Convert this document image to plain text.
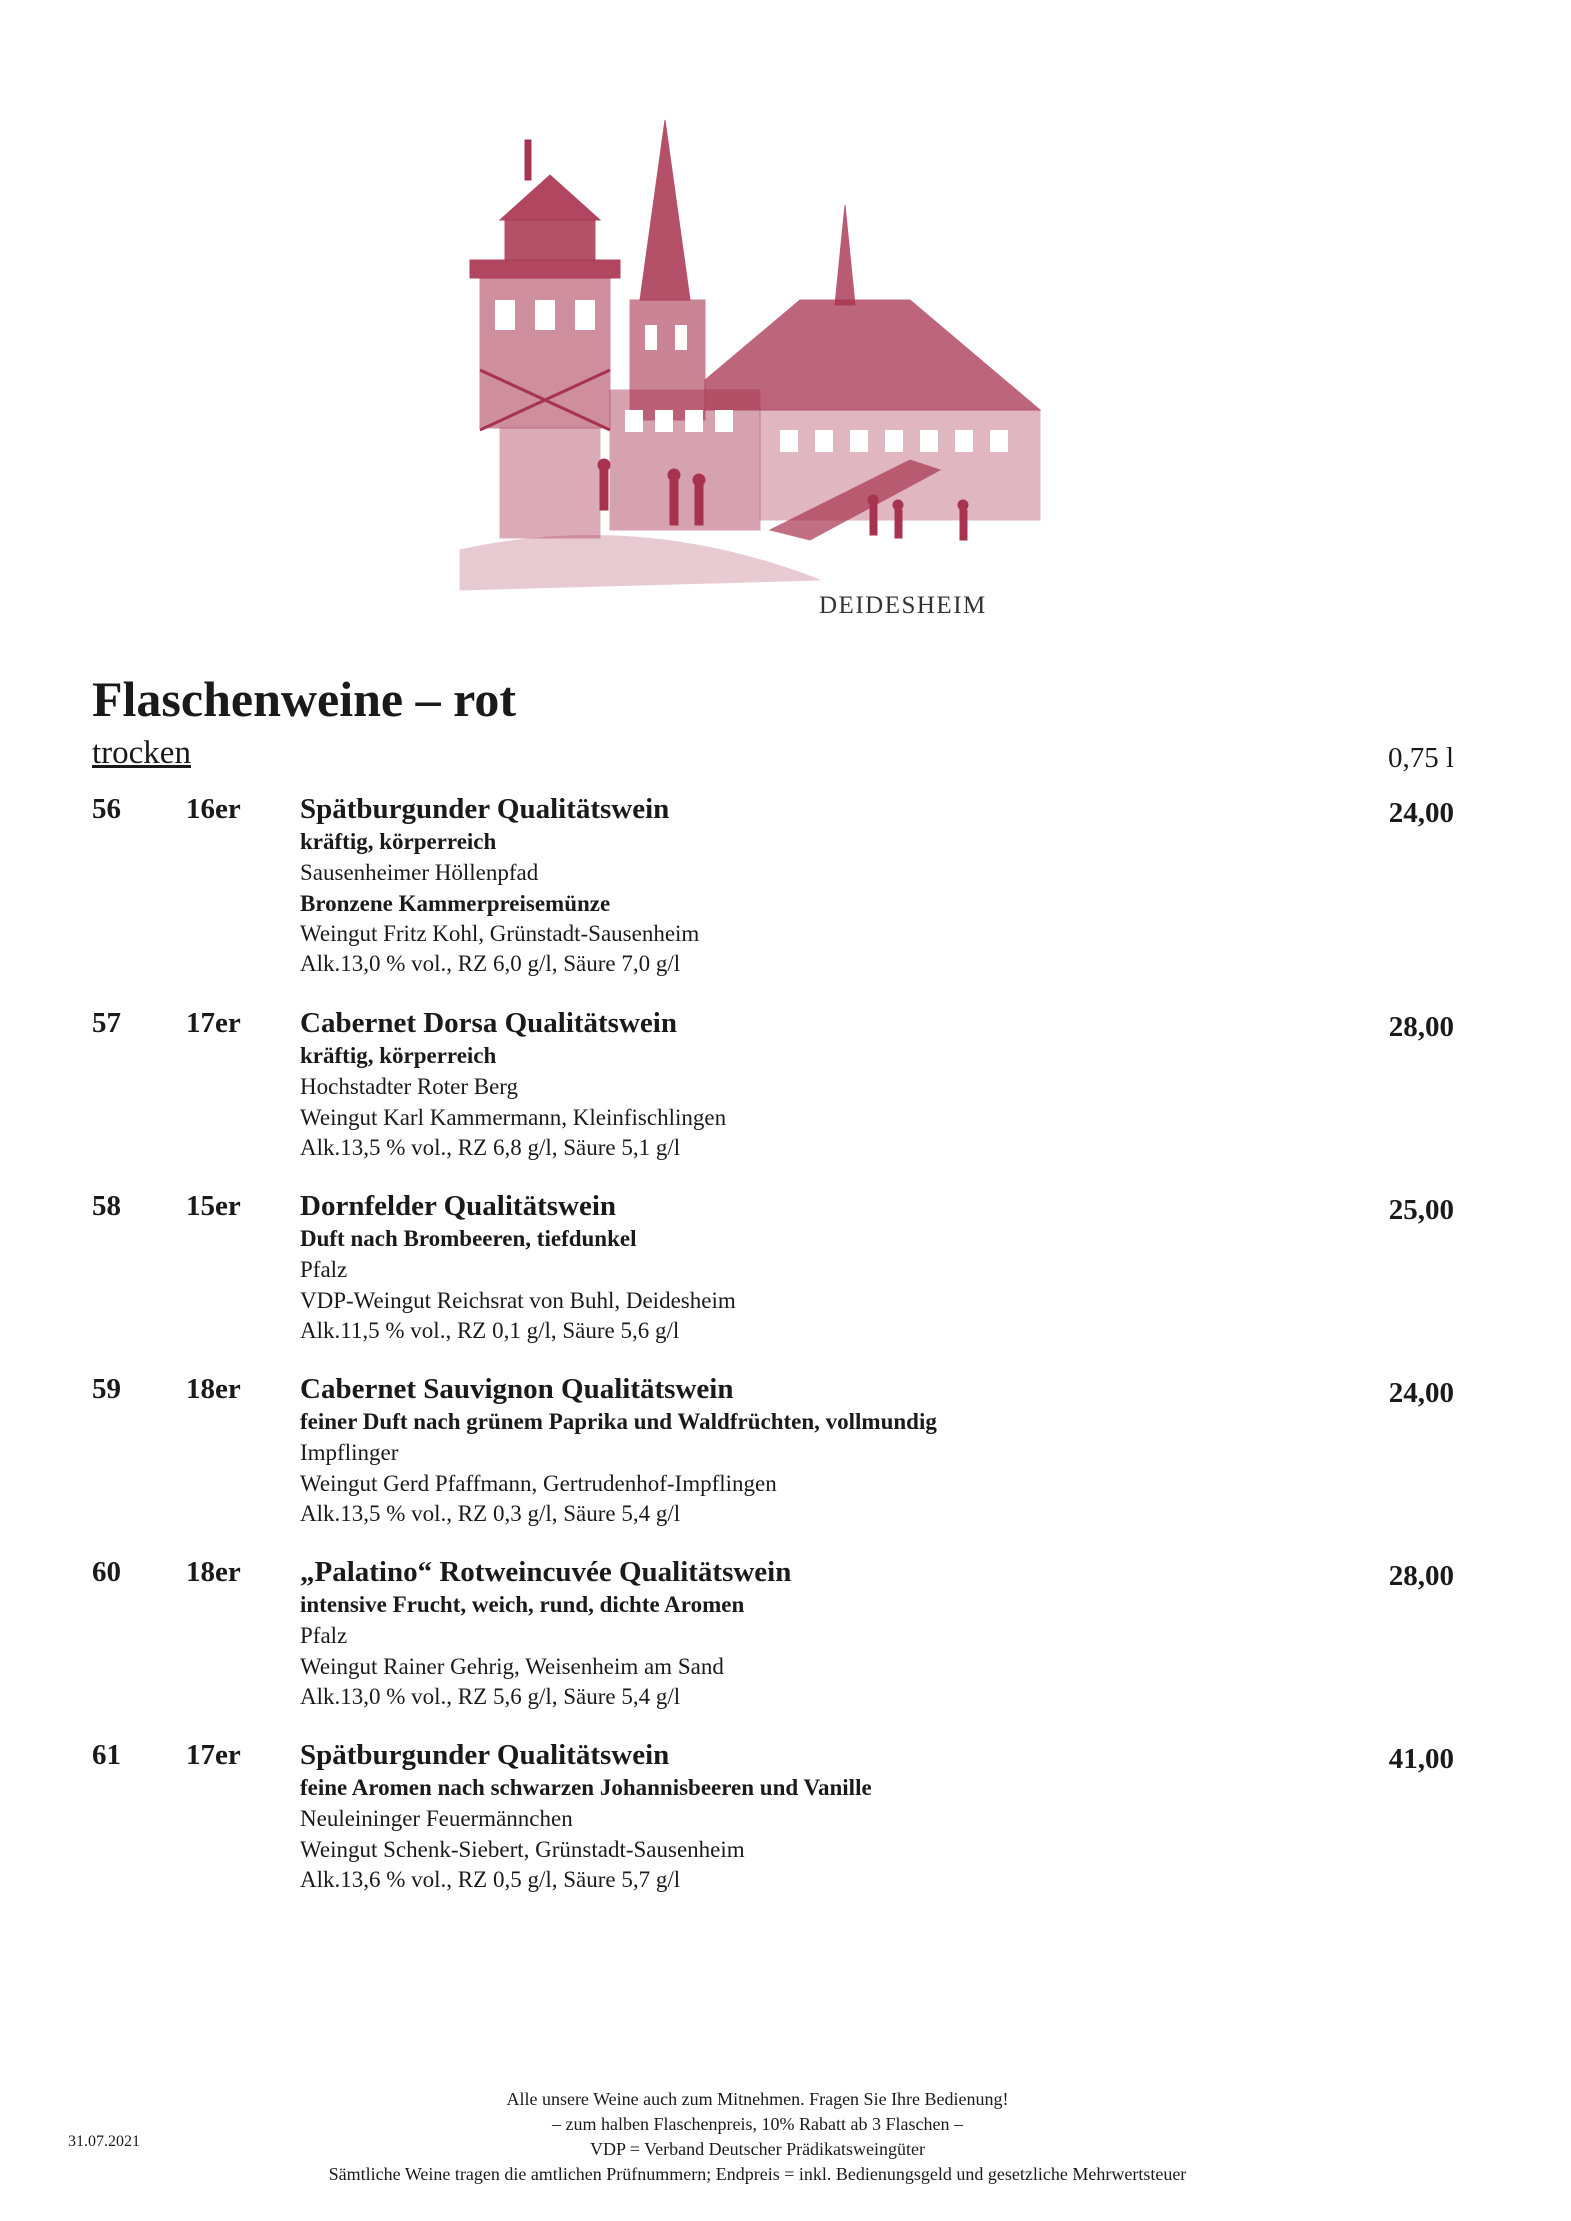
DEIDESHEIM
Flaschenweine – rot
trocken	0,75 l
56 16er Spätburgunder Qualitätswein	24,00
kräftig, körperreich
Sausenheimer Höllenpfad
Bronzene Kammerpreisemünze
Weingut Fritz Kohl, Grünstadt-Sausenheim
Alk.13,0 % vol., RZ 6,0 g/l, Säure 7,0 g/l
57 17er Cabernet Dorsa Qualitätswein	28,00
kräftig, körperreich
Hochstadter Roter Berg
Weingut Karl Kammermann, Kleinfischlingen
Alk.13,5 % vol., RZ 6,8 g/l, Säure 5,1 g/l
58 15er Dornfelder Qualitätswein	25,00
Duft nach Brombeeren, tiefdunkel
Pfalz
VDP-Weingut Reichsrat von Buhl, Deidesheim
Alk.11,5 % vol., RZ 0,1 g/l, Säure 5,6 g/l
59 18er Cabernet Sauvignon Qualitätswein	24,00
feiner Duft nach grünem Paprika und Waldfrüchten, vollmundig
Impflinger
Weingut Gerd Pfaffmann, Gertrudenhof-Impflingen
Alk.13,5 % vol., RZ 0,3 g/l, Säure 5,4 g/l
60 18er „Palatino“ Rotweincuvée Qualitätswein	28,00
intensive Frucht, weich, rund, dichte Aromen
Pfalz
Weingut Rainer Gehrig, Weisenheim am Sand
Alk.13,0 % vol., RZ 5,6 g/l, Säure 5,4 g/l
61 17er Spätburgunder Qualitätswein	41,00
feine Aromen nach schwarzen Johannisbeeren und Vanille
Neuleininger Feuermännchen
Weingut Schenk-Siebert, Grünstadt-Sausenheim
Alk.13,6 % vol., RZ 0,5 g/l, Säure 5,7 g/l
Alle unsere Weine auch zum Mitnehmen. Fragen Sie Ihre Bedienung!
– zum halben Flaschenpreis, 10% Rabatt ab 3 Flaschen –
VDP = Verband Deutscher Prädikatsweingüter
Sämtliche Weine tragen die amtlichen Prüfnummern; Endpreis = inkl. Bedienungsgeld und gesetzliche Mehrwertsteuer
31.07.2021
